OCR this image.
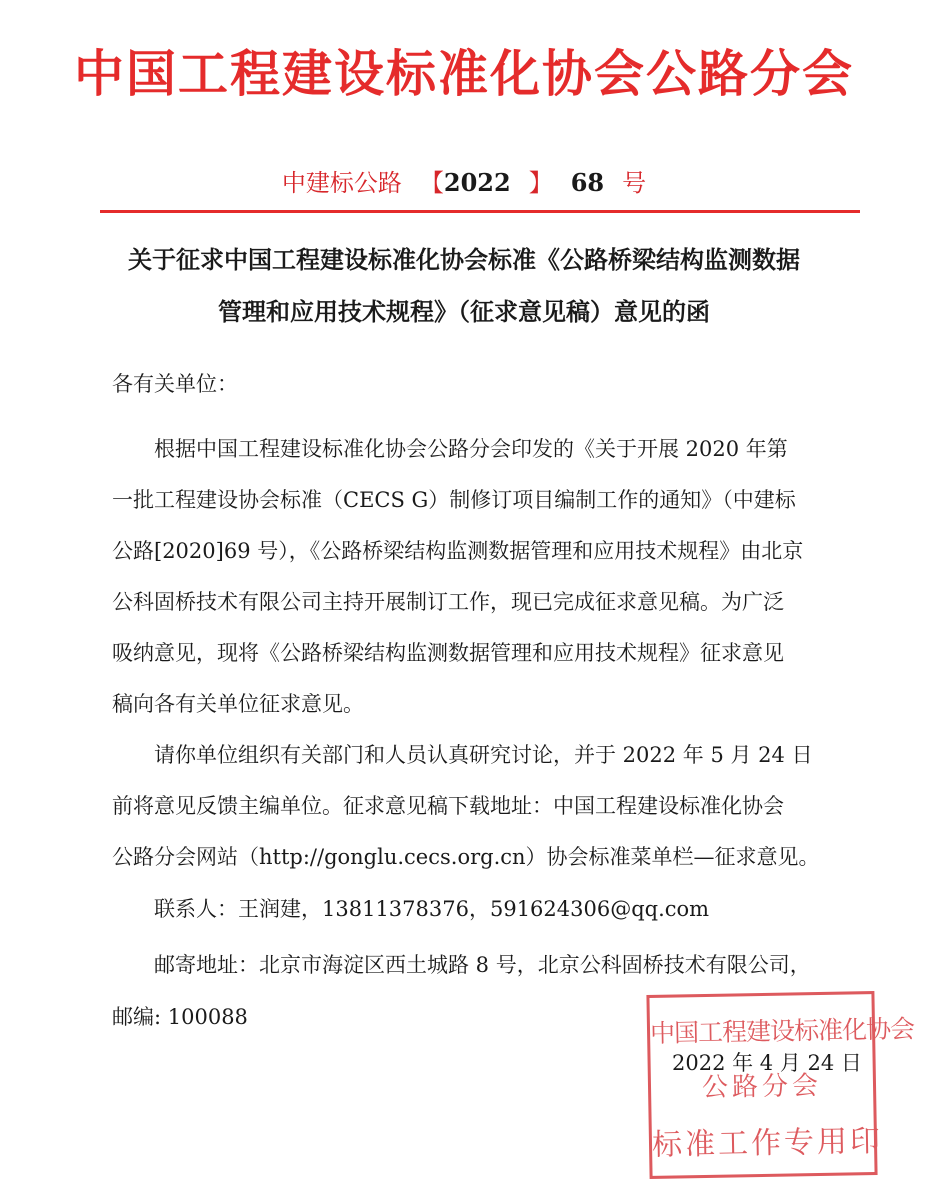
中国工程建设标准化协会公路分会
中建标公路 【2022 】 68 号
关于征求中国工程建设标准化协会标准《公路桥梁结构监测数据
管理和应用技术规程》（征求意见稿）意见的函
各有关单位：
　　根据中国工程建设标准化协会公路分会印发的《关于开展 2020 年第
一批工程建设协会标准（CECS G）制修订项目编制工作的通知》（中建标
公路[2020]69 号），《公路桥梁结构监测数据管理和应用技术规程》由北京
公科固桥技术有限公司主持开展制订工作，现已完成征求意见稿。为广泛
吸纳意见，现将《公路桥梁结构监测数据管理和应用技术规程》征求意见
稿向各有关单位征求意见。
　　请你单位组织有关部门和人员认真研究讨论，并于 2022 年 5 月 24 日
前将意见反馈主编单位。征求意见稿下载地址：中国工程建设标准化协会
公路分会网站（http://gonglu.cecs.org.cn）协会标准菜单栏—征求意见。
　　联系人：王润建，13811378376，591624306@qq.com
　　邮寄地址：北京市海淀区西土城路 8 号，北京公科固桥技术有限公司，
邮编: 100088	中国工程建设标准化协会
公路分会
标准工作专用印
2022 年 4 月 24 日
